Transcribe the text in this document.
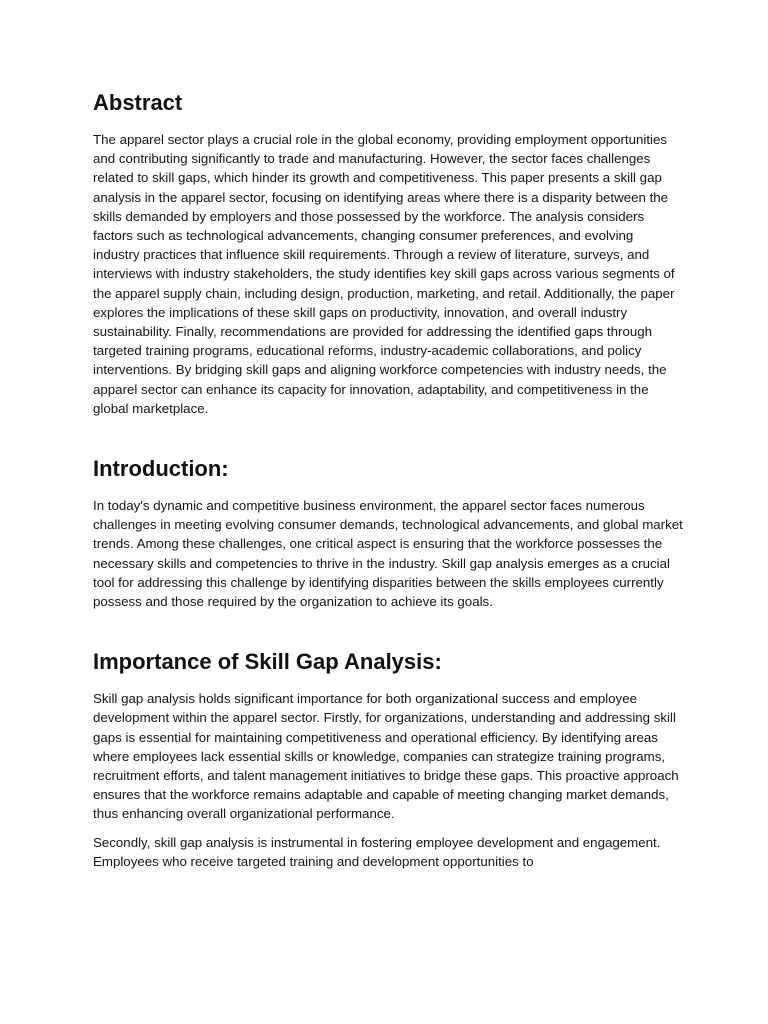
Abstract

The apparel sector plays a crucial role in the global economy, providing employment opportunities and contributing significantly to trade and manufacturing. However, the sector faces challenges related to skill gaps, which hinder its growth and competitiveness. This paper presents a skill gap analysis in the apparel sector, focusing on identifying areas where there is a disparity between the skills demanded by employers and those possessed by the workforce. The analysis considers factors such as technological advancements, changing consumer preferences, and evolving industry practices that influence skill requirements. Through a review of literature, surveys, and interviews with industry stakeholders, the study identifies key skill gaps across various segments of the apparel supply chain, including design, production, marketing, and retail. Additionally, the paper explores the implications of these skill gaps on productivity, innovation, and overall industry sustainability. Finally, recommendations are provided for addressing the identified gaps through targeted training programs, educational reforms, industry-academic collaborations, and policy interventions. By bridging skill gaps and aligning workforce competencies with industry needs, the apparel sector can enhance its capacity for innovation, adaptability, and competitiveness in the global marketplace.

Introduction:

In today's dynamic and competitive business environment, the apparel sector faces numerous challenges in meeting evolving consumer demands, technological advancements, and global market trends. Among these challenges, one critical aspect is ensuring that the workforce possesses the necessary skills and competencies to thrive in the industry. Skill gap analysis emerges as a crucial tool for addressing this challenge by identifying disparities between the skills employees currently possess and those required by the organization to achieve its goals.

Importance of Skill Gap Analysis:

Skill gap analysis holds significant importance for both organizational success and employee development within the apparel sector. Firstly, for organizations, understanding and addressing skill gaps is essential for maintaining competitiveness and operational efficiency. By identifying areas where employees lack essential skills or knowledge, companies can strategize training programs, recruitment efforts, and talent management initiatives to bridge these gaps. This proactive approach ensures that the workforce remains adaptable and capable of meeting changing market demands, thus enhancing overall organizational performance.

Secondly, skill gap analysis is instrumental in fostering employee development and engagement. Employees who receive targeted training and development opportunities to
